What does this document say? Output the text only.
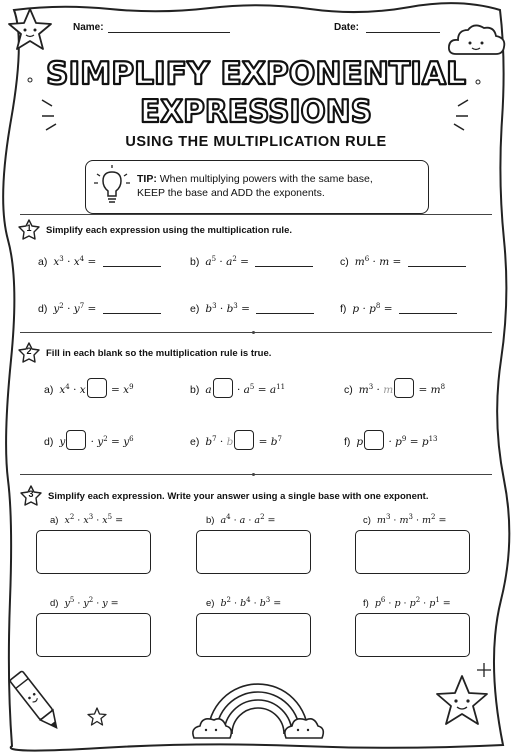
Name:	Date:
SIMPLIFY EXPONENTIAL
EXPRESSIONS
USING THE MULTIPLICATION RULE
TIP: When multiplying powers with the same base,
KEEP the base and ADD the exponents.
1	Simplify each expression using the multiplication rule.
a) $x^3 \cdot x^4$ =	b) $a^5 \cdot a^2$ =	c) $m^6 \cdot m$ =
d) $y^2 \cdot y^7$ =	e) $b^3 \cdot b^3$ =	f) $p \cdot p^8$ =
2	Fill in each blank so the multiplication rule is true.
a) $x^4 \cdot x = x^9$	b) $a \cdot a^5 = a^{11}$	c) $m^3 \cdot m = m^8$
d) $y \cdot y^2 = y^6$	e) $b^7 \cdot b = b^7$	f) $p \cdot p^9 = p^{13}$
3	Simplify each expression. Write your answer using a single base with one exponent.
a) $x^2 \cdot x^3 \cdot x^5$ =	b) $a^4 \cdot a \cdot a^2$ =	c) $m^3 \cdot m^3 \cdot m^2$ =
d) $y^5 \cdot y^2 \cdot y$ =	e) $b^2 \cdot b^4 \cdot b^3$ =	f) $p^6 \cdot p \cdot p^2 \cdot p^1$ =
